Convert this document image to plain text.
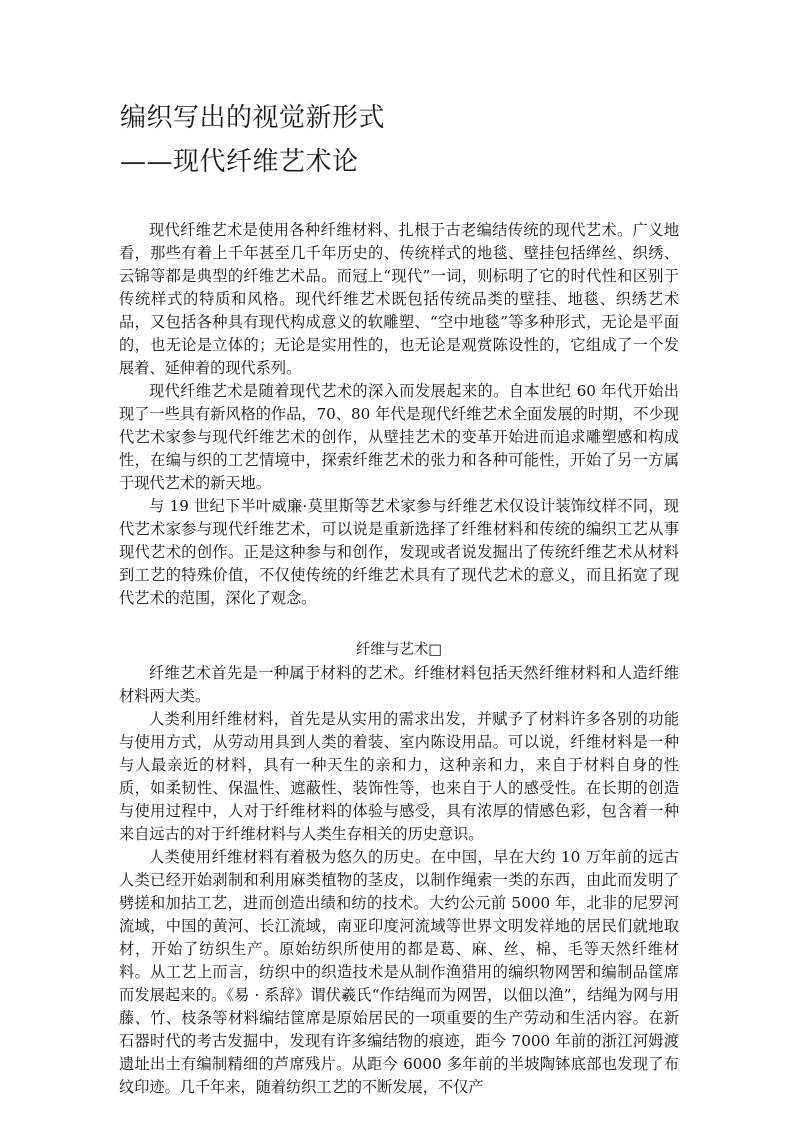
编织写出的视觉新形式
——现代纤维艺术论

现代纤维艺术是使用各种纤维材料、扎根于古老编结传统的现代艺术。广义地看，那些有着上千年甚至几千年历史的、传统样式的地毯、壁挂包括缂丝、织绣、云锦等都是典型的纤维艺术品。而冠上“现代”一词，则标明了它的时代性和区别于传统样式的特质和风格。现代纤维艺术既包括传统品类的壁挂、地毯、织绣艺术品，又包括各种具有现代构成意义的软雕塑、“空中地毯”等多种形式，无论是平面的，也无论是立体的；无论是实用性的，也无论是观赏陈设性的，它组成了一个发展着、延伸着的现代系列。

现代纤维艺术是随着现代艺术的深入而发展起来的。自本世纪 60 年代开始出现了一些具有新风格的作品，70、80 年代是现代纤维艺术全面发展的时期，不少现代艺术家参与现代纤维艺术的创作，从壁挂艺术的变革开始进而追求雕塑感和构成性，在编与织的工艺情境中，探索纤维艺术的张力和各种可能性，开始了另一方属于现代艺术的新天地。

与 19 世纪下半叶威廉·莫里斯等艺术家参与纤维艺术仅设计装饰纹样不同，现代艺术家参与现代纤维艺术，可以说是重新选择了纤维材料和传统的编织工艺从事现代艺术的创作。正是这种参与和创作，发现或者说发掘出了传统纤维艺术从材料到工艺的特殊价值，不仅使传统的纤维艺术具有了现代艺术的意义，而且拓宽了现代艺术的范围，深化了观念。

纤维与艺术□

纤维艺术首先是一种属于材料的艺术。纤维材料包括天然纤维材料和人造纤维材料两大类。

人类利用纤维材料，首先是从实用的需求出发，并赋予了材料许多各别的功能与使用方式，从劳动用具到人类的着装、室内陈设用品。可以说，纤维材料是一种与人最亲近的材料，具有一种天生的亲和力，这种亲和力，来自于材料自身的性质，如柔韧性、保温性、遮蔽性、装饰性等，也来自于人的感受性。在长期的创造与使用过程中，人对于纤维材料的体验与感受，具有浓厚的情感色彩，包含着一种来自远古的对于纤维材料与人类生存相关的历史意识。

人类使用纤维材料有着极为悠久的历史。在中国，早在大约 10 万年前的远古人类已经开始剥制和利用麻类植物的茎皮，以制作绳索一类的东西，由此而发明了劈搓和加拈工艺，进而创造出绩和纺的技术。大约公元前 5000 年，北非的尼罗河流域，中国的黄河、长江流域，南亚印度河流域等世界文明发祥地的居民们就地取材，开始了纺织生产。原始纺织所使用的都是葛、麻、丝、棉、毛等天然纤维材料。从工艺上而言，纺织中的织造技术是从制作渔猎用的编织物网罟和编制品筐席而发展起来的。《易 · 系辞》谓伏羲氏“作结绳而为网罟，以佃以渔”，结绳为网与用藤、竹、枝条等材料编结筐席是原始居民的一项重要的生产劳动和生活内容。在新石器时代的考古发掘中，发现有许多编结物的痕迹，距今 7000 年前的浙江河姆渡遗址出土有编制精细的芦席残片。从距今 6000 多年前的半坡陶钵底部也发现了布纹印迹。几千年来，随着纺织工艺的不断发展，不仅产
